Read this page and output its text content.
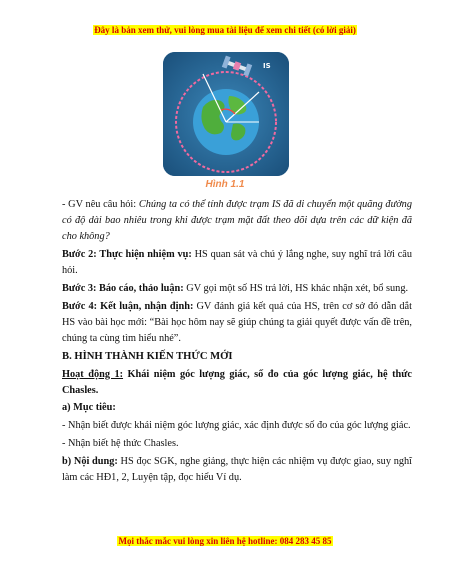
Đây là bản xem thử, vui lòng mua tài liệu để xem chi tiết (có lời giải)
IS
Hình 1.1

- GV nêu câu hỏi: Chúng ta có thể tính được trạm IS đã di chuyển một quãng đường có độ dài bao nhiêu trong khi được trạm mặt đất theo dõi dựa trên các dữ kiện đã cho không?

Bước 2: Thực hiện nhiệm vụ: HS quan sát và chú ý lắng nghe, suy nghĩ trả lời câu hỏi.

Bước 3: Báo cáo, thảo luận: GV gọi một số HS trả lời, HS khác nhận xét, bổ sung.

Bước 4: Kết luận, nhận định: GV đánh giá kết quả của HS, trên cơ sở đó dẫn dắt HS vào bài học mới: “Bài học hôm nay sẽ giúp chúng ta giải quyết được vấn đề trên, chúng ta cùng tìm hiểu nhé”.

B. HÌNH THÀNH KIẾN THỨC MỚI

Hoạt động 1: Khái niệm góc lượng giác, số đo của góc lượng giác, hệ thức Chasles.

a) Mục tiêu:

- Nhận biết được khái niệm góc lượng giác, xác định được số đo của góc lượng giác.

- Nhận biết hệ thức Chasles.

b) Nội dung: HS đọc SGK, nghe giảng, thực hiện các nhiệm vụ được giao, suy nghĩ làm các HĐ1, 2, Luyện tập, đọc hiểu Ví dụ.

Mọi thắc mắc vui lòng xin liên hệ hotline: 084 283 45 85
